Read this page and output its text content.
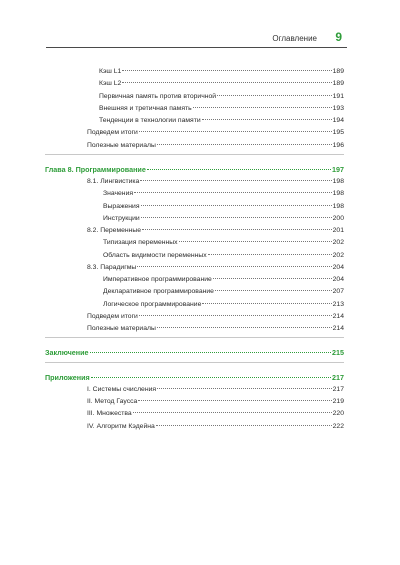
Оглавление 9
Кэш L1	189
Кэш L2	189
Первичная память против вторичной	191
Внешняя и третичная память	193
Тенденции в технологии памяти	194
Подведем итоги	195
Полезные материалы	196
Глава 8. Программирование	197
8.1. Лингвистика	198
Значения	198
Выражения	198
Инструкции	200
8.2. Переменные	201
Типизация переменных	202
Область видимости переменных	202
8.3. Парадигмы	204
Императивное программирование	204
Декларативное программирование	207
Логическое программирование	213
Подведем итоги	214
Полезные материалы	214
Заключение	215
Приложения	217
I. Системы счисления	217
II. Метод Гаусса	219
III. Множества	220
IV. Алгоритм Кэдейна	222
